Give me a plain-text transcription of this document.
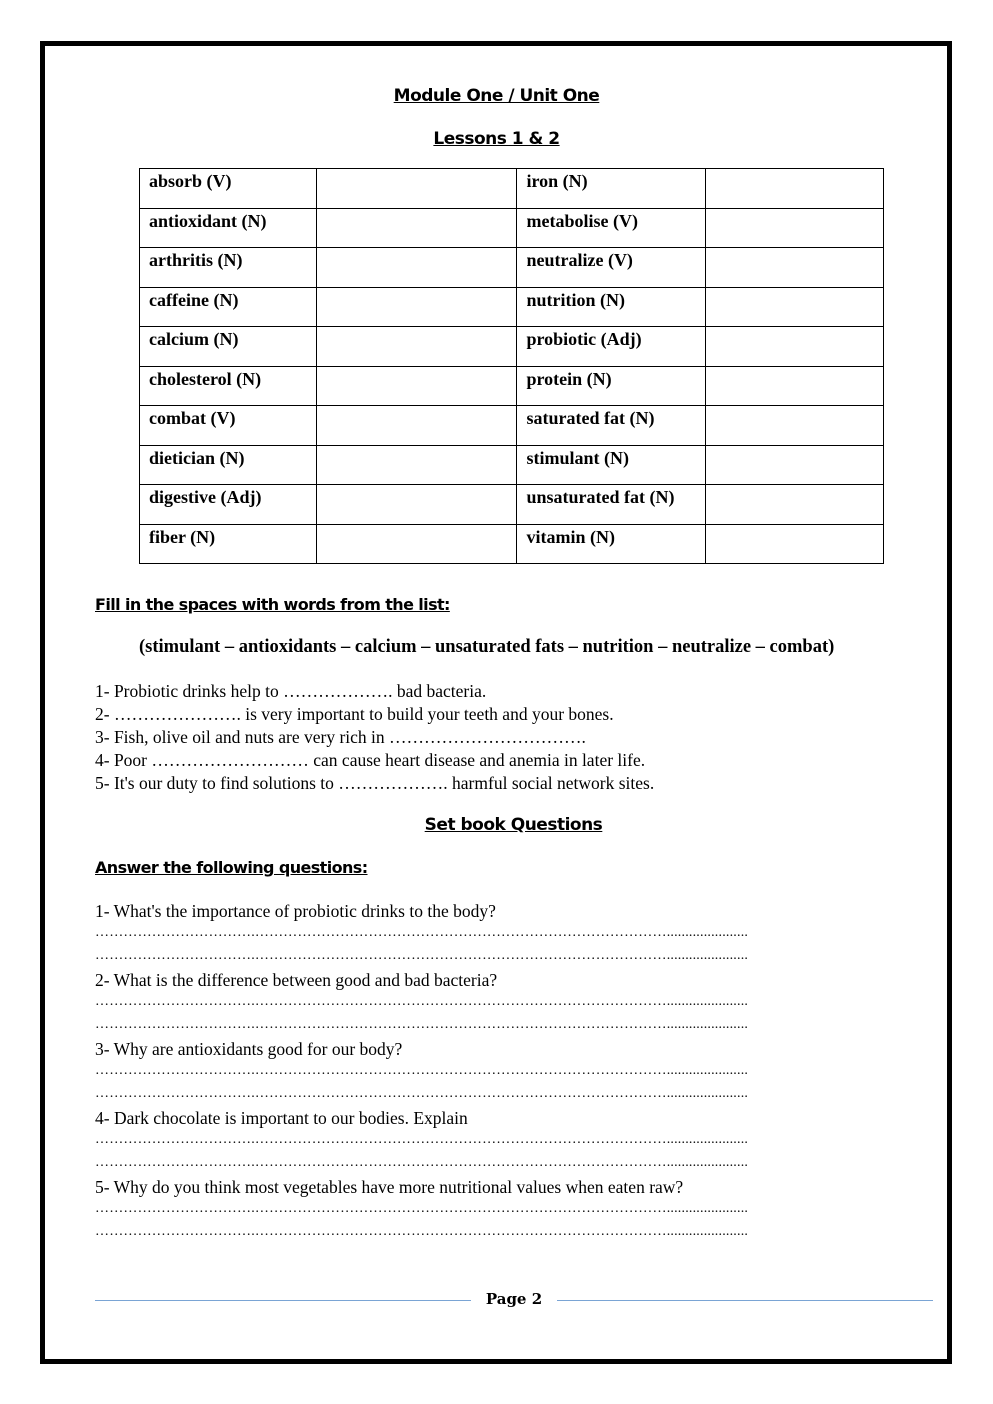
Module One / Unit One
Lessons 1 & 2
absorb (V)		iron (N)	
antioxidant (N)		metabolise (V)	
arthritis (N)		neutralize (V)	
caffeine (N)		nutrition (N)	
calcium (N)		probiotic (Adj)	
cholesterol (N)		protein (N)	
combat (V)		saturated fat (N)	
dietician (N)		stimulant (N)	
digestive (Adj)		unsaturated fat (N)	
fiber (N)		vitamin (N)	
Fill in the spaces with words from the list:
(stimulant – antioxidants – calcium – unsaturated fats – nutrition – neutralize – combat)
1- Probiotic drinks help to ………………. bad bacteria.
2- …………………. is very important to build your teeth and your bones.
3- Fish, olive oil and nuts are very rich in …………………………….
4- Poor ……………………… can cause heart disease and anemia in later life.
5- It's our duty to find solutions to ………………. harmful social network sites.
Set book Questions
Answer the following questions:
1- What's the importance of probiotic drinks to the body?
…………………………….……………………………………………………………………………......................
…………………………….……………………………………………………………………………......................
2- What is the difference between good and bad bacteria?
…………………………….……………………………………………………………………………......................
…………………………….……………………………………………………………………………......................
3- Why are antioxidants good for our body?
…………………………….……………………………………………………………………………......................
…………………………….……………………………………………………………………………......................
4- Dark chocolate is important to our bodies. Explain
…………………………….……………………………………………………………………………......................
…………………………….……………………………………………………………………………......................
5- Why do you think most vegetables have more nutritional values when eaten raw?
…………………………….……………………………………………………………………………......................
…………………………….……………………………………………………………………………......................
Page 2
